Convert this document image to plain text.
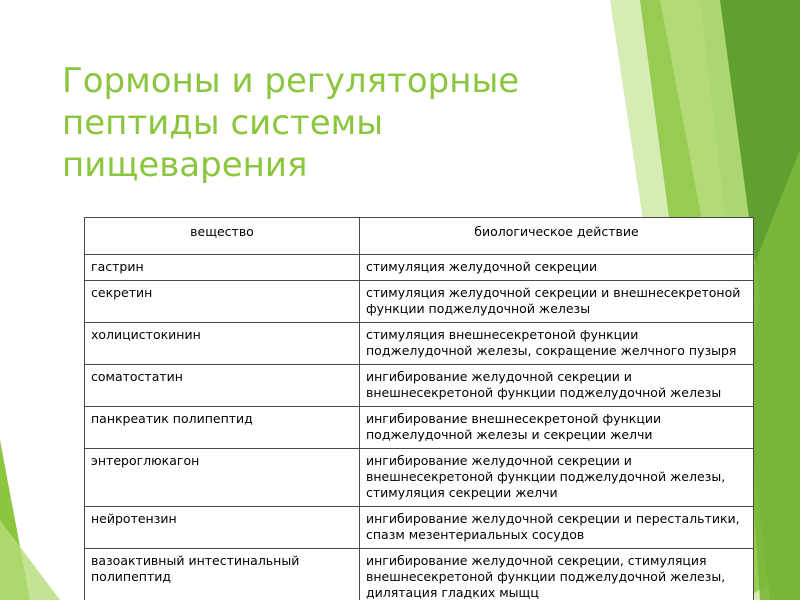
Гормоны и регуляторные пептиды системы пищеварения
вещество	биологическое действие
гастрин	стимуляция желудочной секреции
секретин	стимуляция желудочной секреции и внешнесекретоной функции поджелудочной железы
холицистокинин	стимуляция внешнесекретоной функции поджелудочной железы, сокращение желчного пузыря
соматостатин	ингибирование желудочной секреции и внешнесекретоной функции поджелудочной железы
панкреатик полипептид	ингибирование внешнесекретоной функции поджелудочной железы и секреции желчи
энтероглюкагон	ингибирование желудочной секреции и внешнесекретоной функции поджелудочной железы, стимуляция секреции желчи
нейротензин	ингибирование желудочной секреции и перестальтики, спазм мезентериальных сосудов
вазоактивный интестинальный полипептид	ингибирование желудочной секреции, стимуляция внешнесекретоной функции поджелудочной железы, дилятация гладких мыщц
